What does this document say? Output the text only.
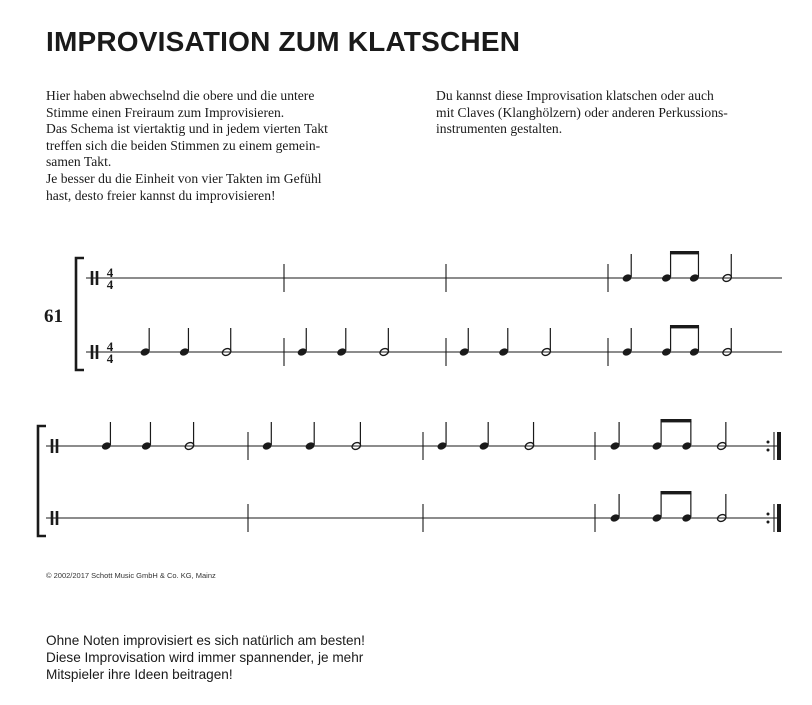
IMPROVISATION ZUM KLATSCHEN

Hier haben abwechselnd die obere und die untere

Stimme einen Freiraum zum Improvisieren.

Das Schema ist viertaktig und in jedem vierten Takt

treffen sich die beiden Stimmen zu einem gemein-

samen Takt.

Je besser du die Einheit von vier Takten im Gefühl

hast, desto freier kannst du improvisieren!

Du kannst diese Improvisation klatschen oder auch

mit Claves (Klanghölzern) oder anderen Perkussions-

instrumenten gestalten.

4
4
4
4
61
© 2002/2017 Schott Music GmbH & Co. KG, Mainz

Ohne Noten improvisiert es sich natürlich am besten!

Diese Improvisation wird immer spannender, je mehr

Mitspieler ihre Ideen beitragen!
